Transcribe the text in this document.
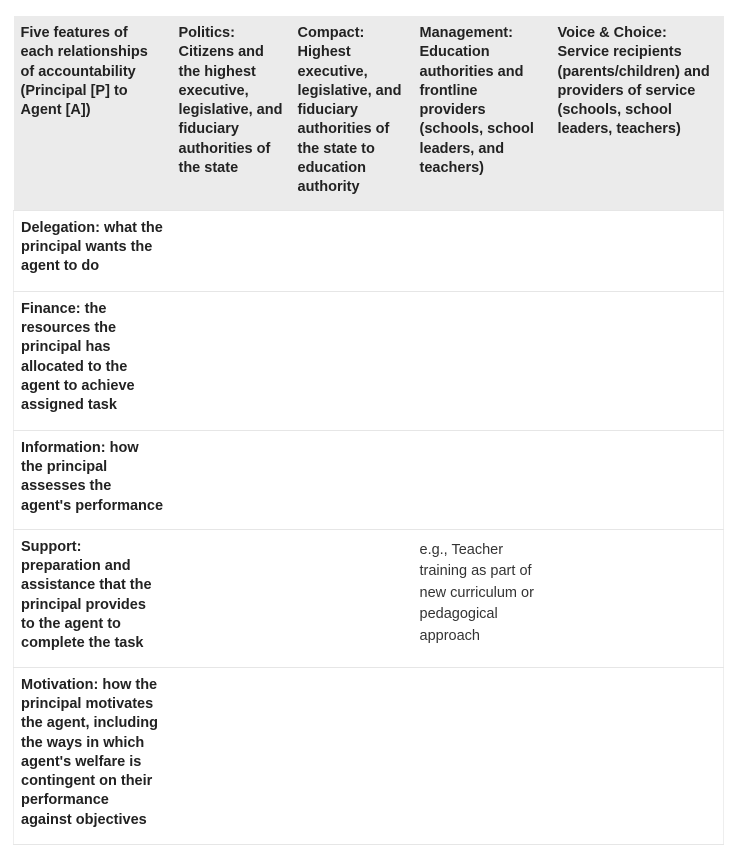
Five features of each relationships of accountability (Principal [P] to Agent [A])	Politics: Citizens and the highest executive, legislative, and fiduciary authorities of the state	Compact: Highest executive, legislative, and fiduciary authorities of the state to education authority	Management: Education authorities and frontline providers (schools, school leaders, and teachers)	Voice & Choice: Service recipients (parents/children) and providers of service (schools, school leaders, teachers)
Delegation: what the principal wants the agent to do				
Finance: the resources the principal has allocated to the agent to achieve assigned task				
Information: how the principal assesses the agent's performance				
Support: preparation and assistance that the principal provides to the agent to complete the task			e.g., Teacher training as part of new curriculum or pedagogical approach	
Motivation: how the principal motivates the agent, including the ways in which agent's welfare is contingent on their performance against objectives				
